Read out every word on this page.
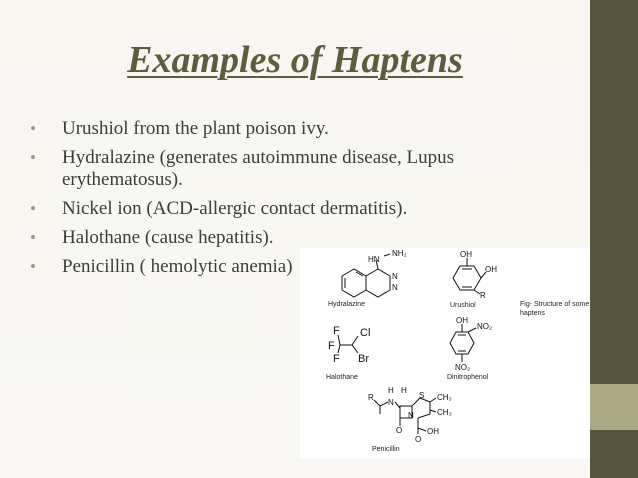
Examples of Haptens
• Urushiol from the plant poison ivy.
• Hydralazine (generates autoimmune disease, Lupus erythematosus).
• Nickel ion (ACD-allergic contact dermatitis).
• Halothane (cause hepatitis).
• Penicillin ( hemolytic anemia)	HN
NH₂
N
N
Hydralazine
OH
OH
R
Urushiol	Fig- Structure of some
haptens
F Cl
F
F Br
Halothane
OH
NO₂
NO₂
Dinitrophenol
R
N
H H
S CH₃
CH₃
N
O
O
OH
Penicillin
